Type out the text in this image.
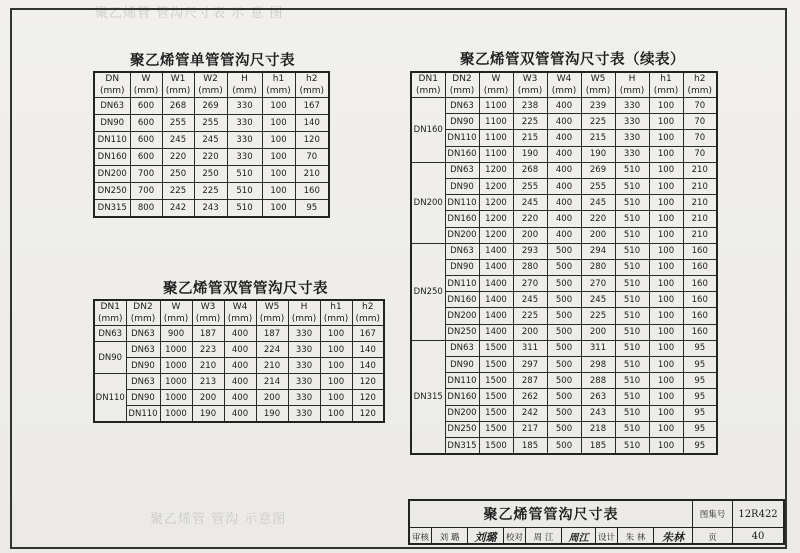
聚乙烯管 管沟尺寸表 示 意 图
聚乙烯管 管沟 示意图
聚乙烯管单管管沟尺寸表
DN	W	W1	W2	H	h1	h2
(mm)	(mm)	(mm)	(mm)	(mm)	(mm)	(mm)
DN63	600	268	269	330	100	167
DN90	600	255	255	330	100	140
DN110	600	245	245	330	100	120
DN160	600	220	220	330	100	70
DN200	700	250	250	510	100	210
DN250	700	225	225	510	100	160
DN315	800	242	243	510	100	95
聚乙烯管双管管沟尺寸表
DN1	DN2	W	W3	W4	W5	H	h1	h2
(mm)	(mm)	(mm)	(mm)	(mm)	(mm)	(mm)	(mm)	(mm)
DN63	DN63	900	187	400	187	330	100	167
DN90	DN63	1000	223	400	224	330	100	140
	DN90	1000	210	400	210	330	100	140
DN110	DN63	1000	213	400	214	330	100	120
	DN90	1000	200	400	200	330	100	120
	DN110	1000	190	400	190	330	100	120
聚乙烯管双管管沟尺寸表（续表）
DN1	DN2	W	W3	W4	W5	H	h1	h2
(mm)	(mm)	(mm)	(mm)	(mm)	(mm)	(mm)	(mm)	(mm)
DN160	DN63	1100	238	400	239	330	100	70
	DN90	1100	225	400	225	330	100	70
	DN110	1100	215	400	215	330	100	70
	DN160	1100	190	400	190	330	100	70
DN200	DN63	1200	268	400	269	510	100	210
	DN90	1200	255	400	255	510	100	210
	DN110	1200	245	400	245	510	100	210
	DN160	1200	220	400	220	510	100	210
	DN200	1200	200	400	200	510	100	210
DN250	DN63	1400	293	500	294	510	100	160
	DN90	1400	280	500	280	510	100	160
	DN110	1400	270	500	270	510	100	160
	DN160	1400	245	500	245	510	100	160
	DN200	1400	225	500	225	510	100	160
	DN250	1400	200	500	200	510	100	160
DN315	DN63	1500	311	500	311	510	100	95
	DN90	1500	297	500	298	510	100	95
	DN110	1500	287	500	288	510	100	95
	DN160	1500	262	500	263	510	100	95
	DN200	1500	242	500	243	510	100	95
	DN250	1500	217	500	218	510	100	95
	DN315	1500	185	500	185	510	100	95
聚乙烯管管沟尺寸表	图集号 12R422
审核 刘 璐 刘璐 校对 周 江 周江 设计 朱 林 朱林	页	40
